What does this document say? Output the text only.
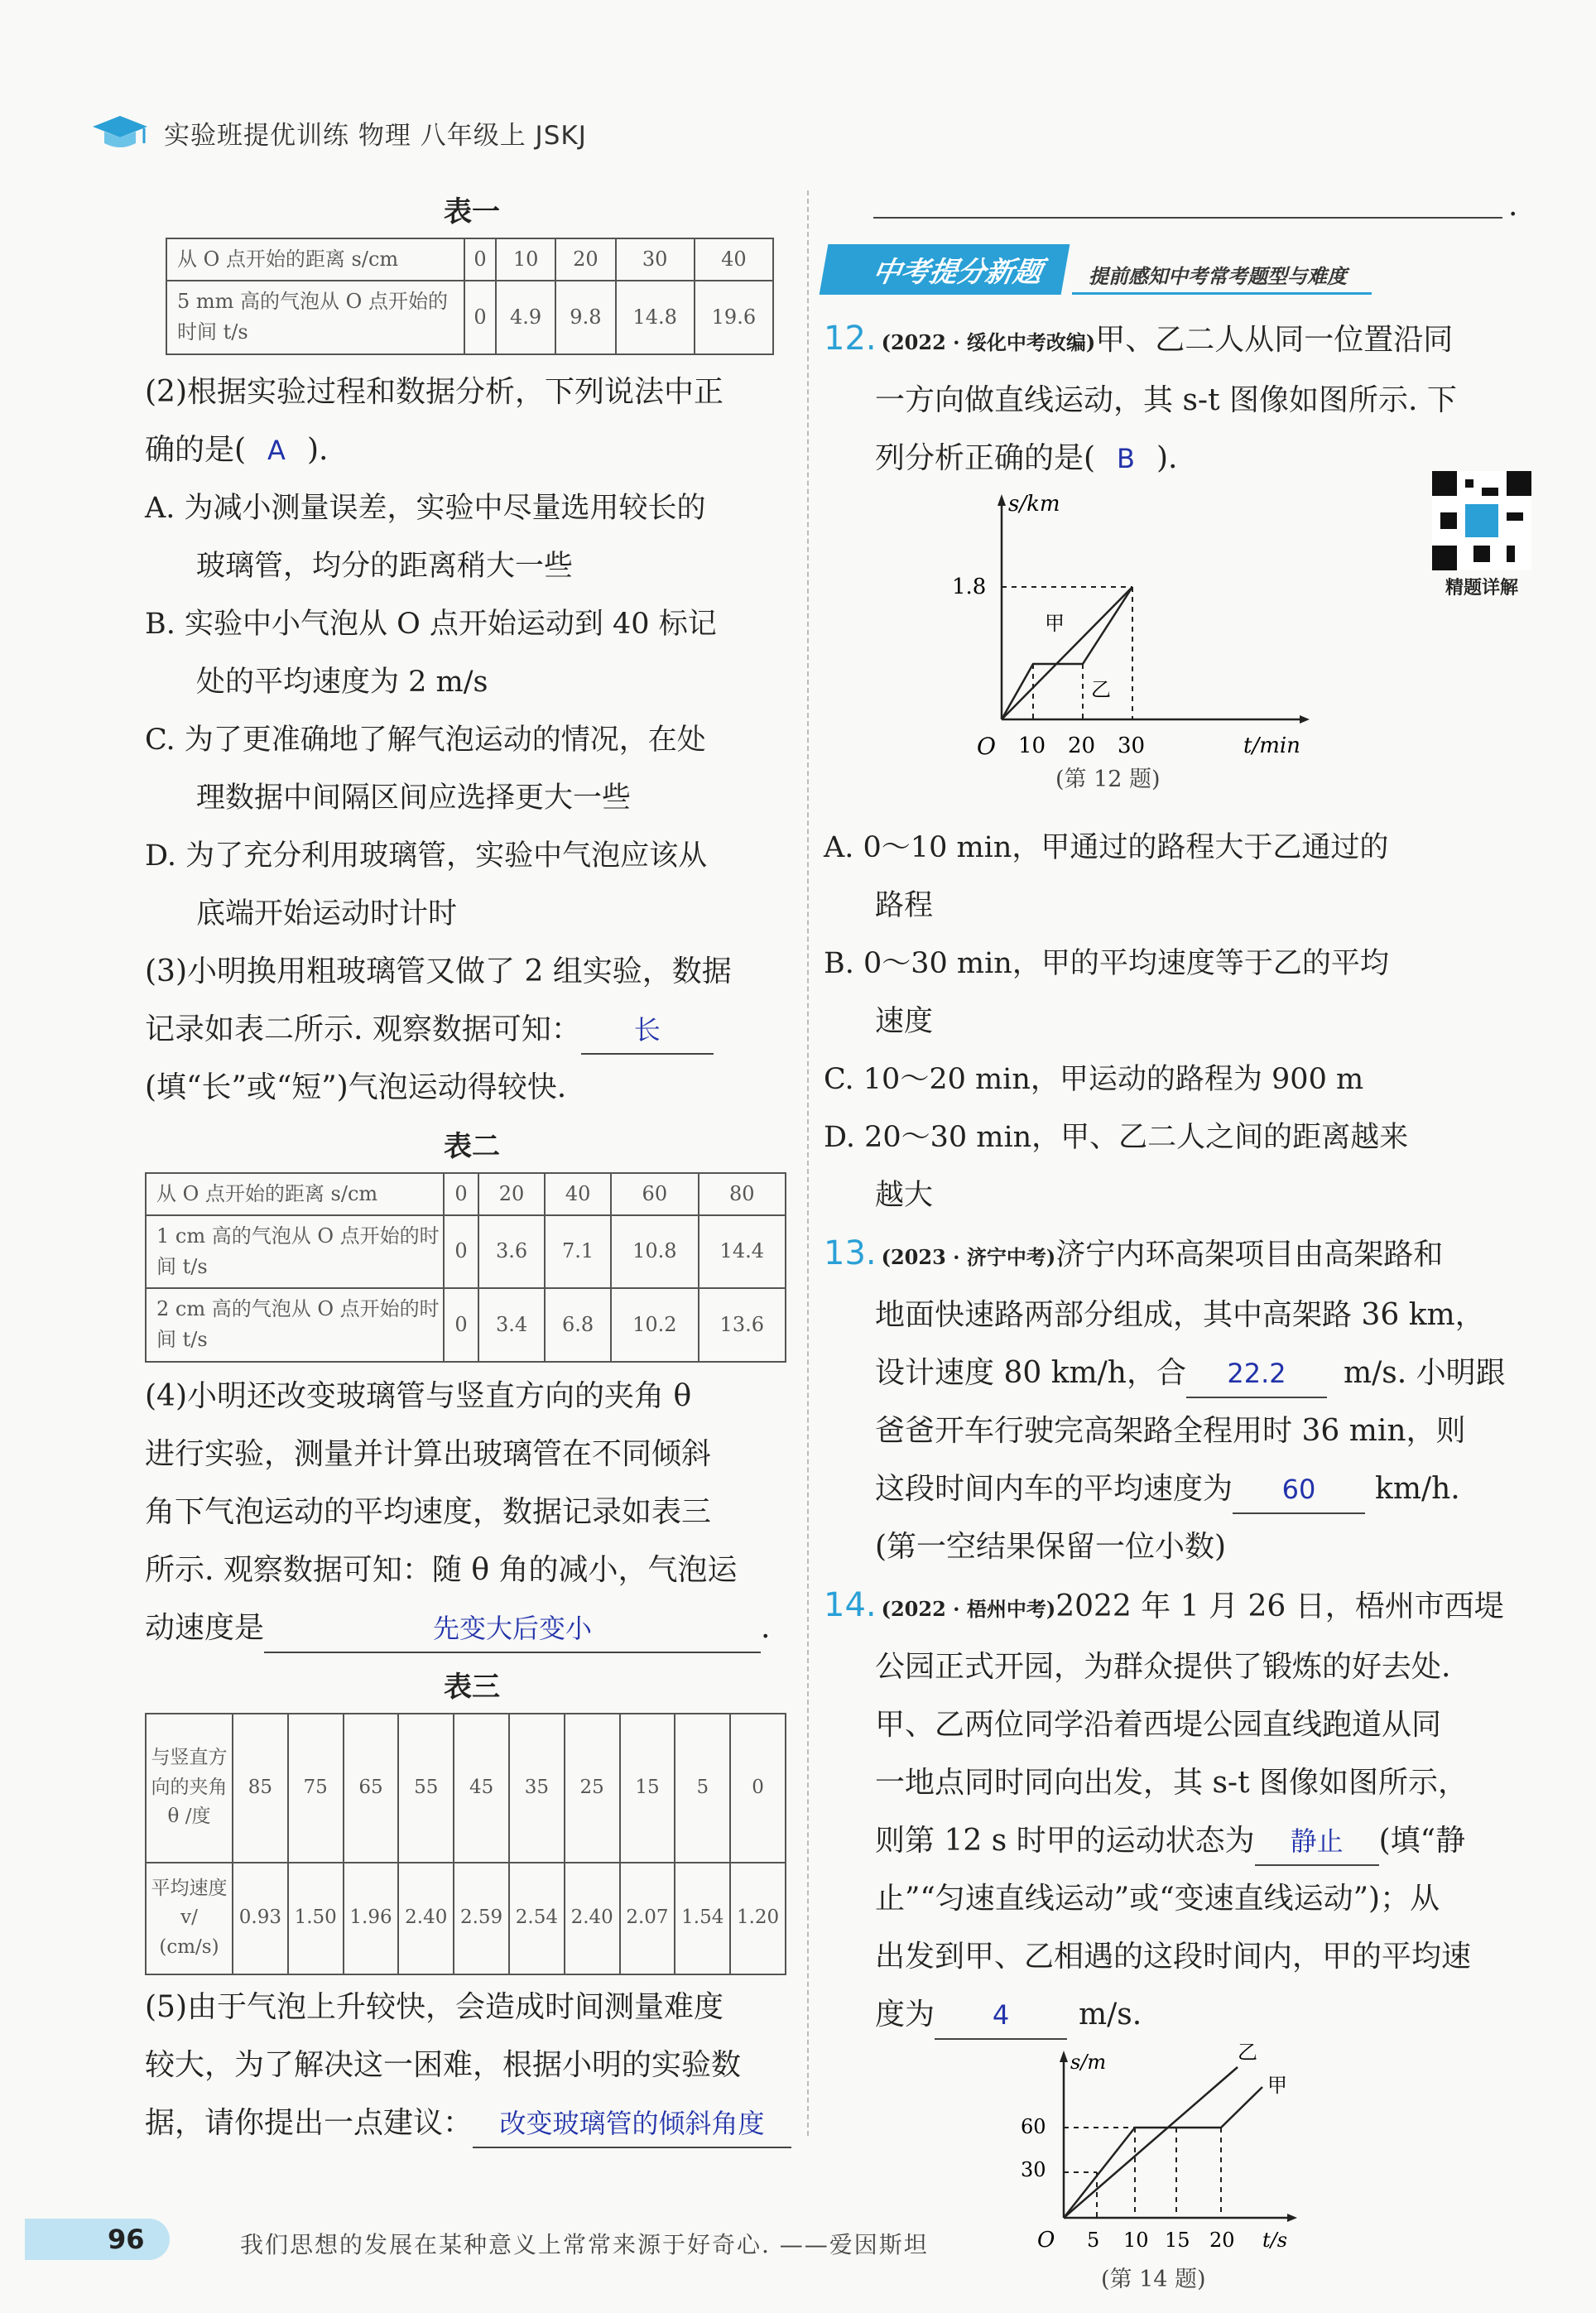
实验班提优训练 物理 八年级上 JSKJ
.
表一
从 O 点开始的距离 s/cm	0	10	20	30	40
5 mm 高的气泡从 O 点开始的时间 t/s	0	4.9	9.8	14.8	19.6

(2)根据实验过程和数据分析，下列说法中正

确的是( A ).

A. 为减小测量误差，实验中尽量选用较长的
玻璃管，均分的距离稍大一些
B. 实验中小气泡从 O 点开始运动到 40 标记
处的平均速度为 2 m/s
C. 为了更准确地了解气泡运动的情况，在处
理数据中间隔区间应选择更大一些
D. 为了充分利用玻璃管，实验中气泡应该从
底端开始运动时计时

(3)小明换用粗玻璃管又做了 2 组实验，数据

记录如表二所示. 观察数据可知： 长

(填“长”或“短”)气泡运动得较快.

表二
从 O 点开始的距离 s/cm	0	20	40	60	80
1 cm 高的气泡从 O 点开始的时间 t/s	0	3.6	7.1	10.8	14.4
2 cm 高的气泡从 O 点开始的时间 t/s	0	3.4	6.8	10.2	13.6

(4)小明还改变玻璃管与竖直方向的夹角 θ

进行实验，测量并计算出玻璃管在不同倾斜

角下气泡运动的平均速度，数据记录如表三

所示. 观察数据可知：随 θ 角的减小，气泡运

动速度是	先变大后变小	.

表三
与竖直方向的夹角 θ /度	85	75	65	55	45	35	25	15	5	0
平均速度 v/ (cm/s)	0.93	1.50	1.96	2.40	2.59	2.54	2.40	2.07	1.54	1.20

(5)由于气泡上升较快，会造成时间测量难度

较大，为了解决这一困难，根据小明的实验数

据，请你提出一点建议： 改变玻璃管的倾斜角度

中考提分新题	提前感知中考常考题型与难度

12. (2022 · 绥化中考改编)甲、乙二人从同一位置沿同

一方向做直线运动，其 s-t 图像如图所示. 下

列分析正确的是( B ).

s/km
t/min
O
1.8
10 20 30
甲
乙
(第 12 题)
精题详解
A. 0～10 min，甲通过的路程大于乙通过的
路程
B. 0～30 min，甲的平均速度等于乙的平均
速度
C. 10～20 min，甲运动的路程为 900 m
D. 20～30 min，甲、乙二人之间的距离越来
越大

13. (2023 · 济宁中考)济宁内环高架项目由高架路和

地面快速路两部分组成，其中高架路 36 km，

设计速度 80 km/h，合 22.2 m/s. 小明跟

爸爸开车行驶完高架路全程用时 36 min，则

这段时间内车的平均速度为 60 km/h.

(第一空结果保留一位小数)

14. (2022 · 梧州中考)2022 年 1 月 26 日，梧州市西堤

公园正式开园，为群众提供了锻炼的好去处.

甲、乙两位同学沿着西堤公园直线跑道从同

一地点同时同向出发，其 s-t 图像如图所示，

则第 12 s 时甲的运动状态为 静止 (填“静

止”“匀速直线运动”或“变速直线运动”)；从

出发到甲、乙相遇的这段时间内，甲的平均速

度为 4 m/s.

s/m
t/s
O
60
30
5 10 15 20
甲
乙
(第 14 题)
96	我们思想的发展在某种意义上常常来源于好奇心. ——爱因斯坦
